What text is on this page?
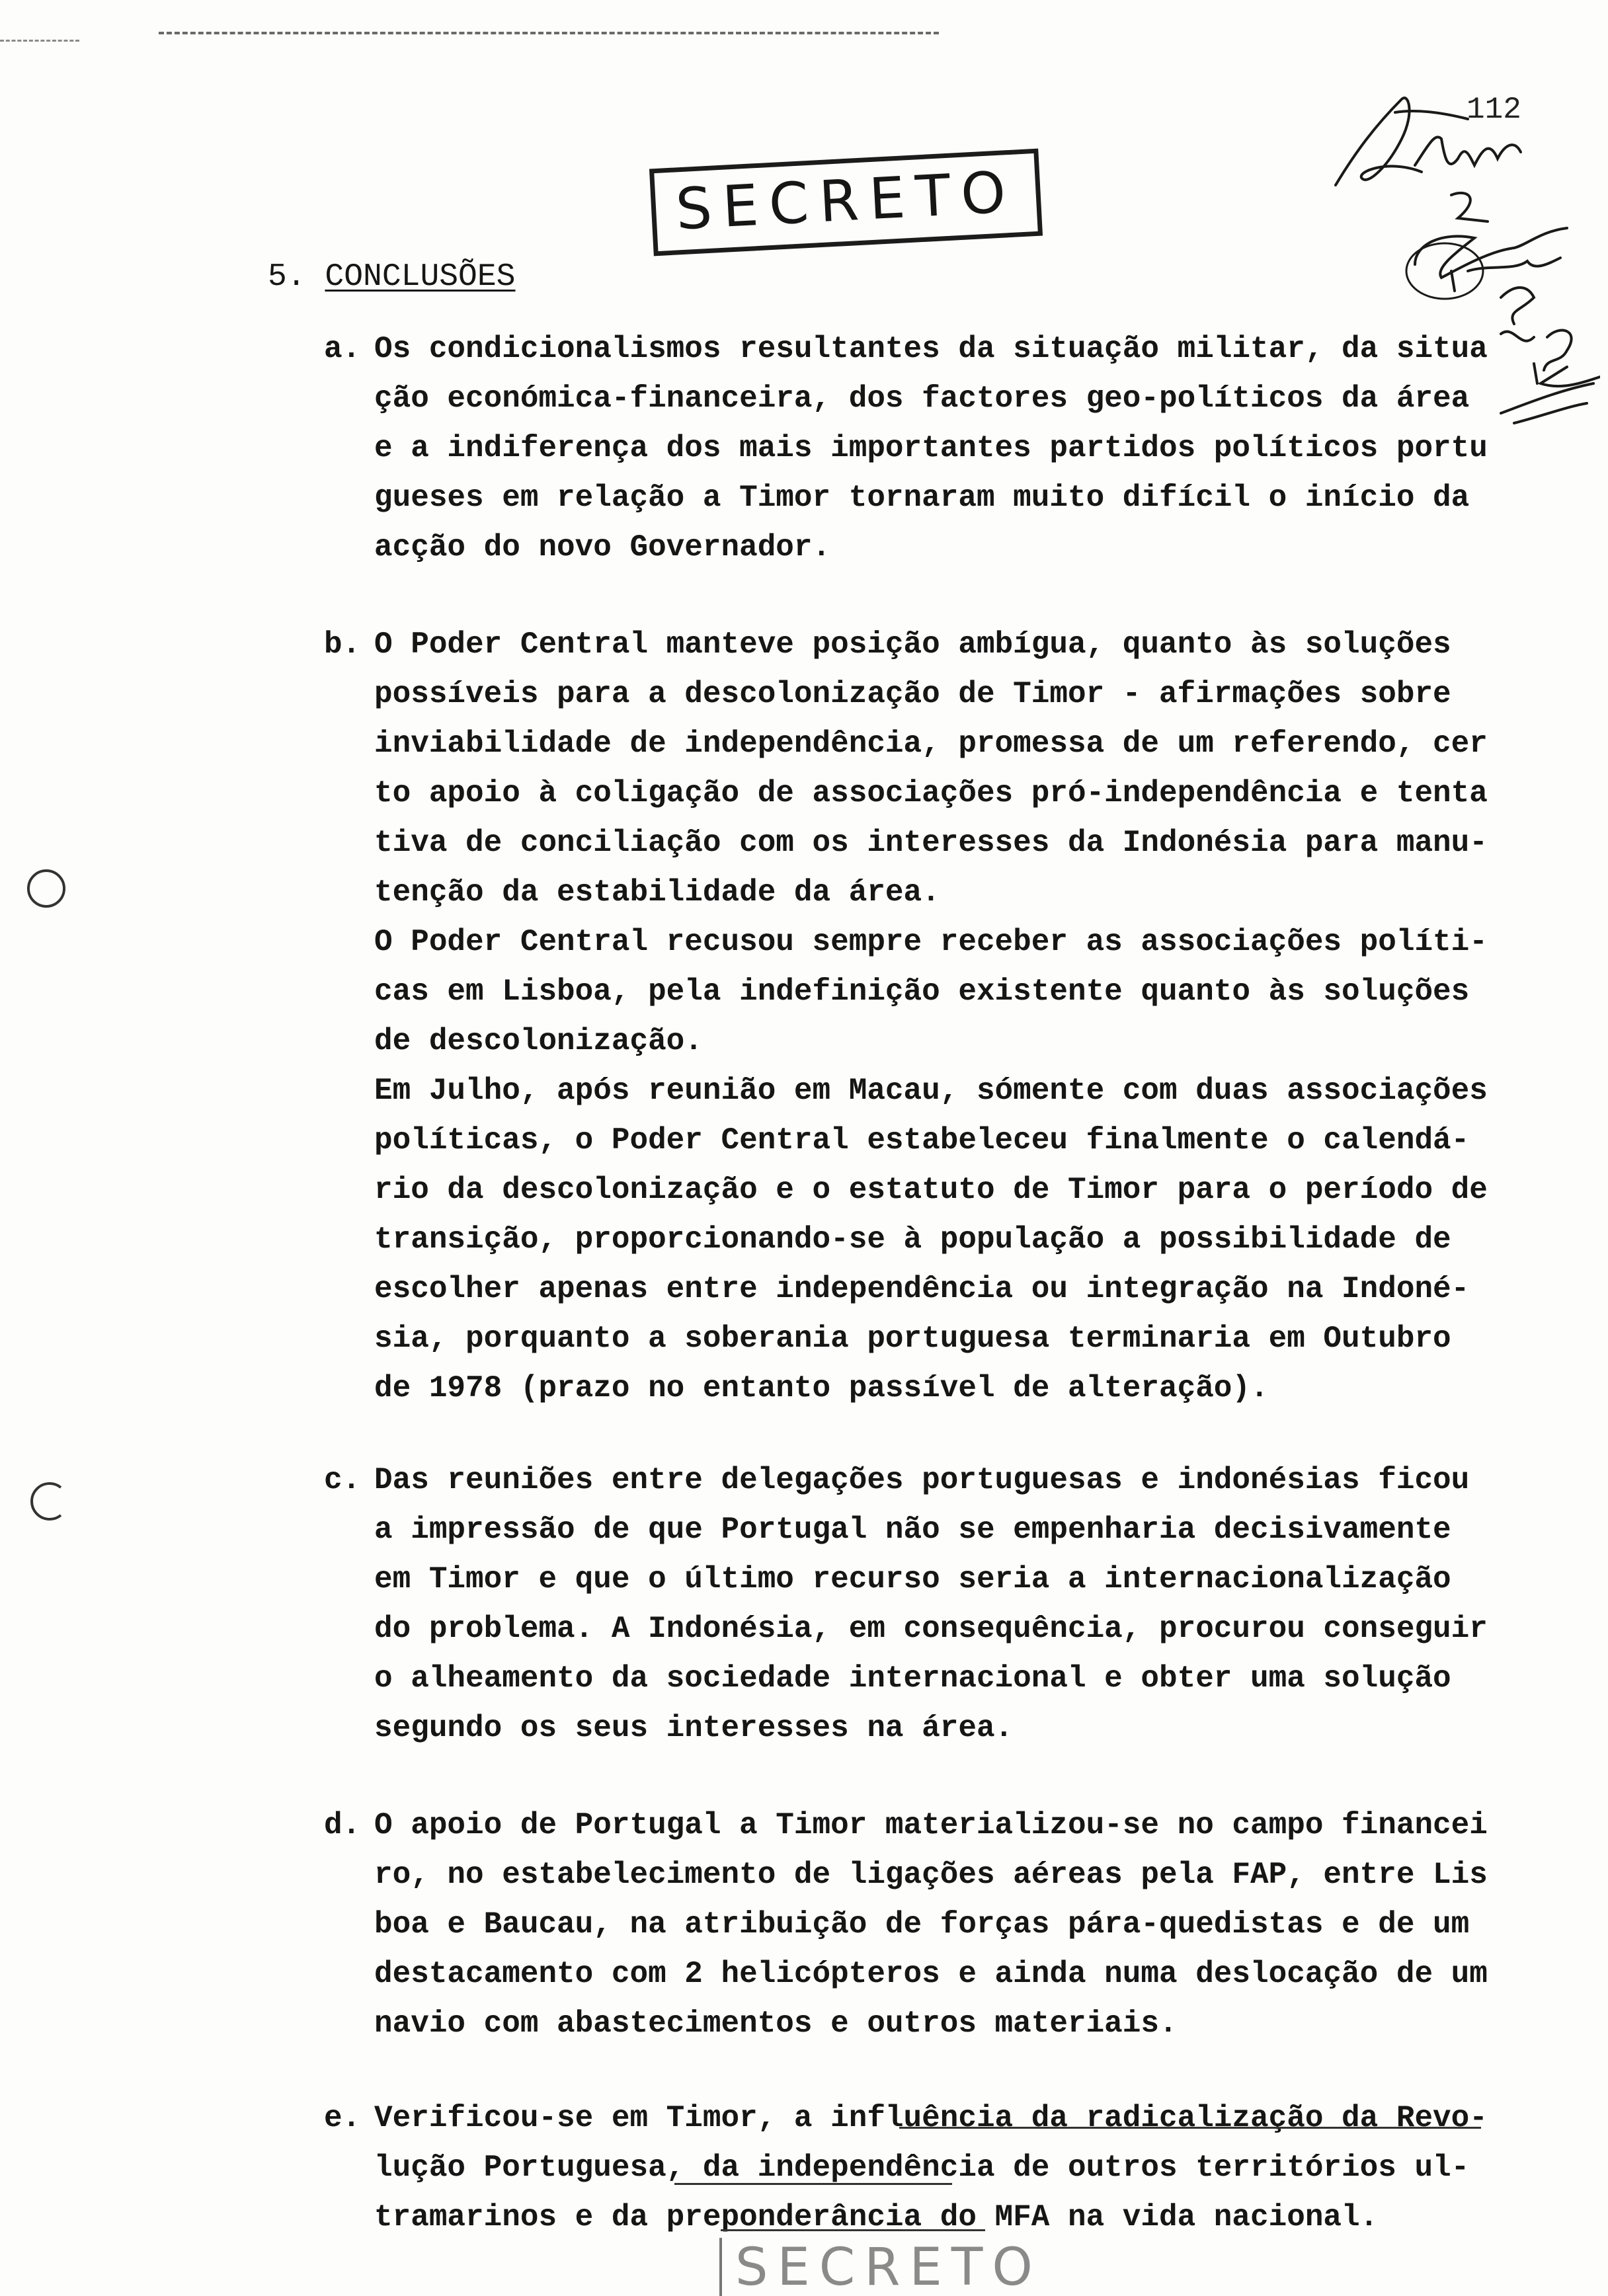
112
SECRETO
5. CONCLUSÕES
a. Os condicionalismos resultantes da situação militar, da situa
ção económica-financeira, dos factores geo-políticos da área
e a indiferença dos mais importantes partidos políticos portu
gueses em relação a Timor tornaram muito difícil o início da
acção do novo Governador.
b. O Poder Central manteve posição ambígua, quanto às soluções
possíveis para a descolonização de Timor - afirmações sobre
inviabilidade de independência, promessa de um referendo, cer
to apoio à coligação de associações pró-independência e tenta
tiva de conciliação com os interesses da Indonésia para manu-
tenção da estabilidade da área.
O Poder Central recusou sempre receber as associações políti-
cas em Lisboa, pela indefinição existente quanto às soluções
de descolonização.
Em Julho, após reunião em Macau, sómente com duas associações
políticas, o Poder Central estabeleceu finalmente o calendá-
rio da descolonização e o estatuto de Timor para o período de
transição, proporcionando-se à população a possibilidade de
escolher apenas entre independência ou integração na Indoné-
sia, porquanto a soberania portuguesa terminaria em Outubro
de 1978 (prazo no entanto passível de alteração).
c. Das reuniões entre delegações portuguesas e indonésias ficou
a impressão de que Portugal não se empenharia decisivamente
em Timor e que o último recurso seria a internacionalização
do problema. A Indonésia, em consequência, procurou conseguir
o alheamento da sociedade internacional e obter uma solução
segundo os seus interesses na área.
d. O apoio de Portugal a Timor materializou-se no campo financei
ro, no estabelecimento de ligações aéreas pela FAP, entre Lis
boa e Baucau, na atribuição de forças pára-quedistas e de um
destacamento com 2 helicópteros e ainda numa deslocação de um
navio com abastecimentos e outros materiais.
e. Verificou-se em Timor, a influência da radicalização da Revo-
lução Portuguesa, da independência de outros territórios ul-
tramarinos e da preponderância do MFA na vida nacional.
SECRETO
